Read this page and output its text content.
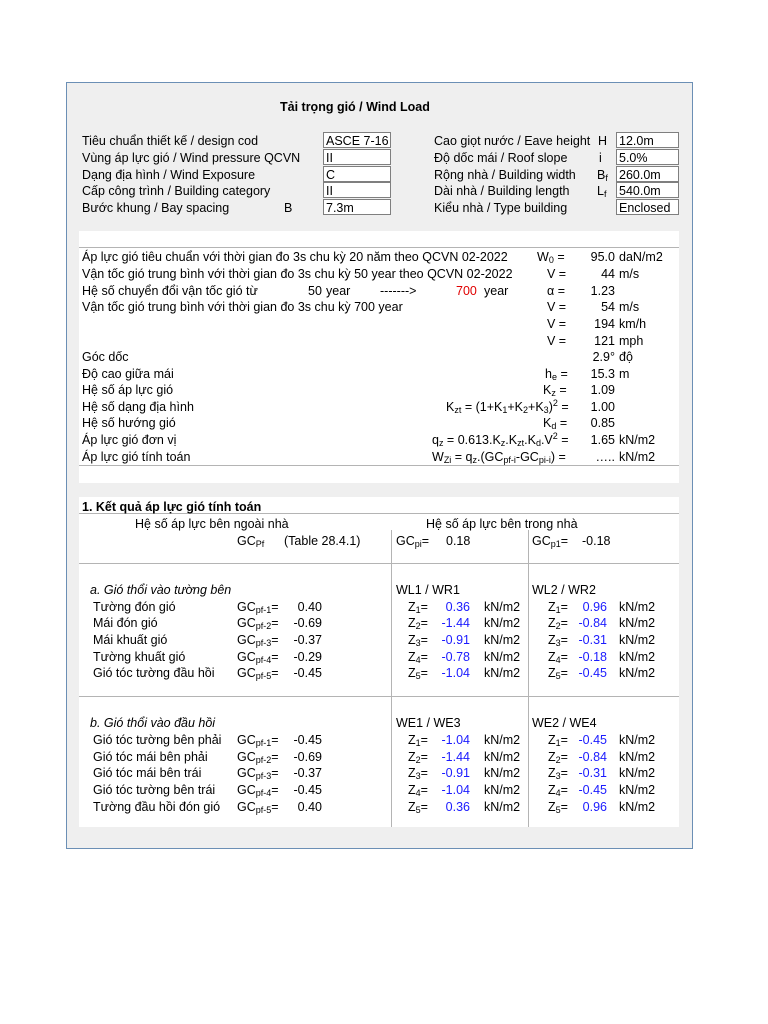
Tải trọng gió / Wind Load
Tiêu chuẩn thiết kế / design cod	ASCE 7-16
Vùng áp lực gió / Wind pressure QCVN II
Dạng địa hình / Wind Exposure	C
Cấp công trình / Building category	II
Bước khung / Bay spacing	B	7.3m
Cao giọt nước / Eave height H 12.0m
Độ dốc mái / Roof slope	i 5.0%
Rộng nhà / Building width $B_f$ 260.0m
Dài nhà / Building length $L_f$ 540.0m
Kiểu nhà / Type building	Enclosed
Áp lực gió tiêu chuẩn với thời gian đo 3s chu kỳ 20 năm theo QCVN 02-2022 $W_0 = 95.0$ daN/m2
Vận tốc gió trung bình với thời gian đo 3s chu kỳ 50 year theo QCVN 02-2022	V =	44 m/s
Hệ số chuyển đổi vận tốc gió từ	50 year ------->	700 year	α = 1.23
Vận tốc gió trung bình với thời gian đo 3s chu kỳ 700 year	V =	54 m/s
V =	194 km/h
V =	121 mph
Góc dốc	2.9° độ
Độ cao giữa mái	$h_e$ =	15.3 m
Hệ số áp lực gió	$K_z$ =	1.09
Hệ số dạng địa hình	$K_{zt} = (1+K_1+K_2+K_3)^2$ =	1.00
Hệ số hướng gió	$K_d$ =	0.85
Áp lực gió đơn vị	$q_z = 0.613.K_z.K_{zt}.K_d.V^2$ =	1.65 kN/m2
Áp lực gió tính toán	$W_{Zi} = q_z.(GC_{pf-i}-GC_{pi-i})$ =	….. kN/m2
1. Kết quả áp lực gió tính toán
Hệ số áp lực bên ngoài nhà	Hệ số áp lực bên trong nhà
$GC_{Pf}$ (Table 28.4.1)	$GC_{pi}= 0.18$	$GC_{p1}= -0.18$
a. Gió thổi vào tường bên	WL1 / WR1	WL2 / WR2
Tường đón gió	$GC_{pf-1}=$	0.40	$Z_1=$	0.36 kN/m2 $Z_1=$	0.96 kN/m2
Mái đón gió	$GC_{pf-2}=$	-0.69	$Z_2=$	-1.44 kN/m2 $Z_2= -0.84$ kN/m2
Mái khuất gió	$GC_{pf-3}=$	-0.37	$Z_3=$	-0.91 kN/m2 $Z_3= -0.31$ kN/m2
Tường khuất gió	$GC_{pf-4}=$	-0.29	$Z_4=$	-0.78 kN/m2 $Z_4= -0.18$ kN/m2
Gió tóc tường đầu hồi $GC_{pf-5}=$	-0.45	$Z_5=$	-1.04 kN/m2 $Z_5= -0.45$ kN/m2
b. Gió thổi vào đầu hồi	WE1 / WE3	WE2 / WE4
Gió tóc tường bên phải $GC_{pf-1}=$	-0.45	$Z_1=$	-1.04 kN/m2 $Z_1= -0.45$ kN/m2
Gió tóc mái bên phải $GC_{pf-2}=$	-0.69	$Z_2=$	-1.44 kN/m2 $Z_2= -0.84$ kN/m2
Gió tóc mái bên trái	$GC_{pf-3}=$	-0.37	$Z_3=$	-0.91 kN/m2 $Z_3= -0.31$ kN/m2
Gió tóc tường bên trái $GC_{pf-4}=$	-0.45	$Z_4=$	-1.04 kN/m2 $Z_4= -0.45$ kN/m2
Tường đầu hồi đón gió $GC_{pf-5}=$	0.40	$Z_5=$	0.36 kN/m2 $Z_5=$	0.96 kN/m2
